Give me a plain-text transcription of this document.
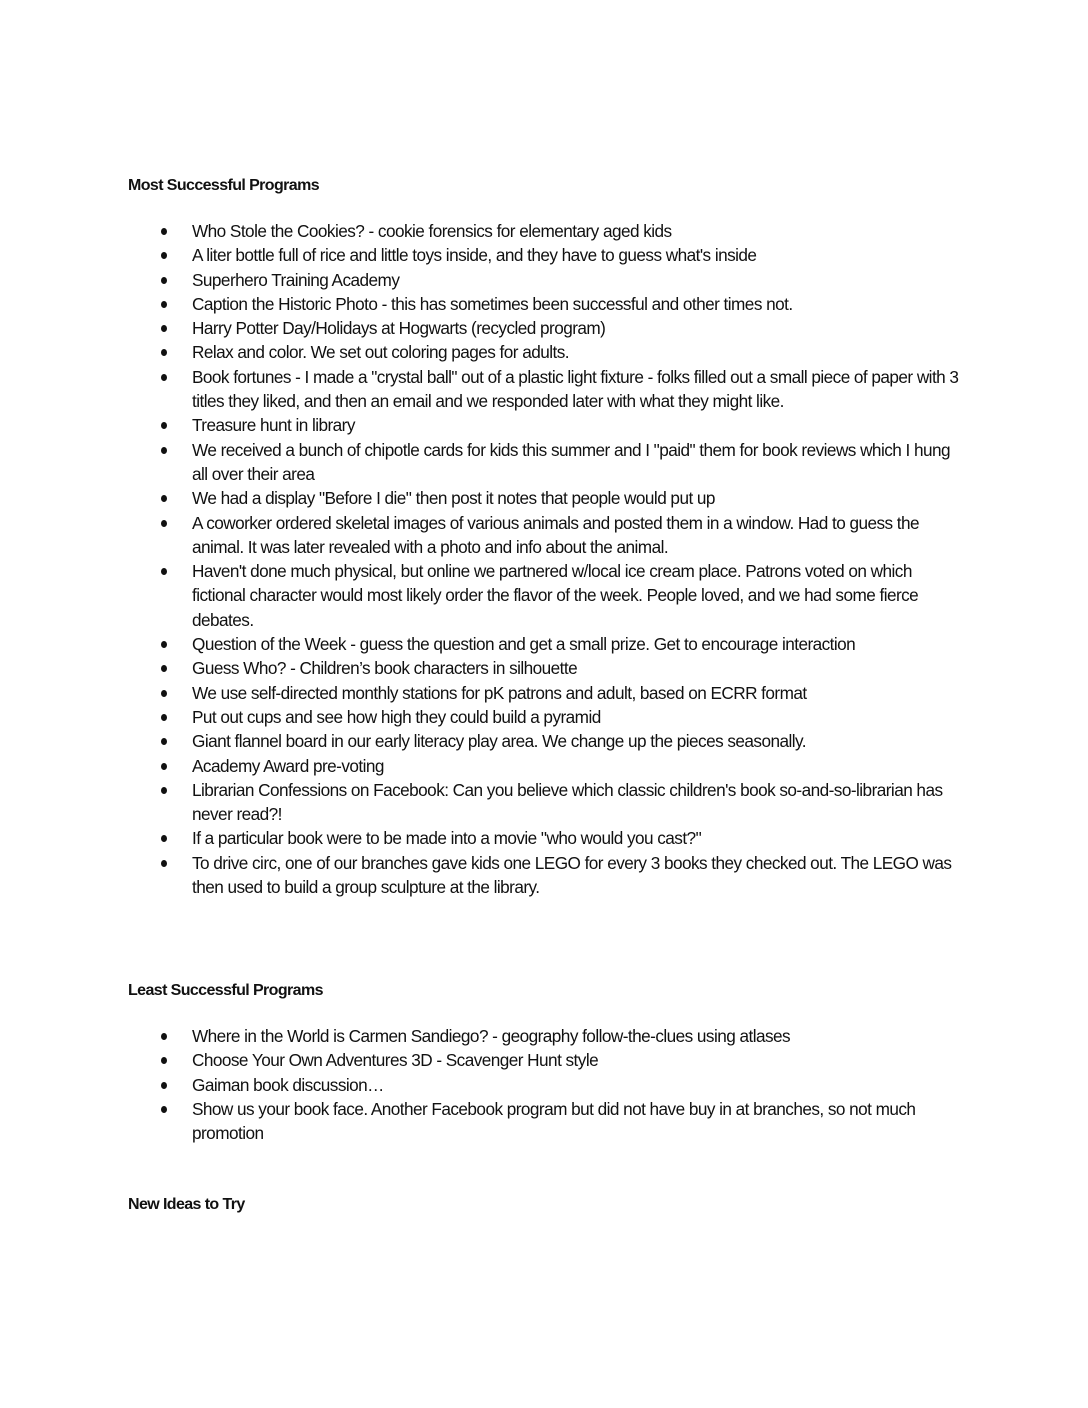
Most Successful Programs
Who Stole the Cookies? - cookie forensics for elementary aged kids
A liter bottle full of rice and little toys inside, and they have to guess what's inside
Superhero Training Academy
Caption the Historic Photo - this has sometimes been successful and other times not.
Harry Potter Day/Holidays at Hogwarts (recycled program)
Relax and color. We set out coloring pages for adults.
Book fortunes - I made a "crystal ball" out of a plastic light fixture - folks filled out a small piece of paper with 3 titles they liked, and then an email and we responded later with what they might like.
Treasure hunt in library
We received a bunch of chipotle cards for kids this summer and I "paid" them for book reviews which I hung all over their area
We had a display "Before I die" then post it notes that people would put up
A coworker ordered skeletal images of various animals and posted them in a window. Had to guess the animal. It was later revealed with a photo and info about the animal.
Haven't done much physical, but online we partnered w/local ice cream place. Patrons voted on which fictional character would most likely order the flavor of the week. People loved, and we had some fierce debates.
Question of the Week - guess the question and get a small prize. Get to encourage interaction
Guess Who? - Children’s book characters in silhouette
We use self-directed monthly stations for pK patrons and adult, based on ECRR format
Put out cups and see how high they could build a pyramid
Giant flannel board in our early literacy play area. We change up the pieces seasonally.
Academy Award pre-voting
Librarian Confessions on Facebook: Can you believe which classic children's book so-and-so-librarian has never read?!
If a particular book were to be made into a movie "who would you cast?"
To drive circ, one of our branches gave kids one LEGO for every 3 books they checked out. The LEGO was then used to build a group sculpture at the library.
Least Successful Programs
Where in the World is Carmen Sandiego? - geography follow-the-clues using atlases
Choose Your Own Adventures 3D - Scavenger Hunt style
Gaiman book discussion…
Show us your book face. Another Facebook program but did not have buy in at branches, so not much promotion
New Ideas to Try
